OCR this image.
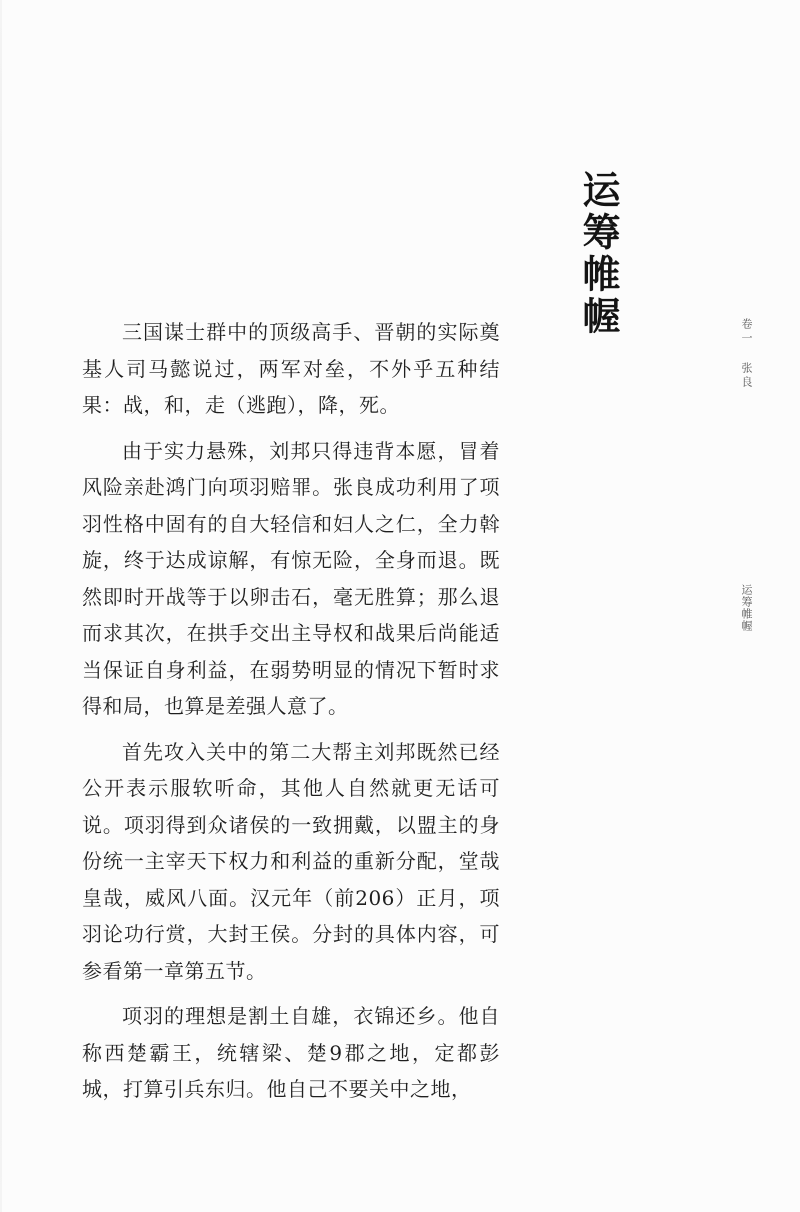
运筹帷幄

三国谋士群中的顶级高手、晋朝的实际奠基人司马懿说过，两军对垒，不外乎五种结果：战，和，走（逃跑），降，死。

由于实力悬殊，刘邦只得违背本愿，冒着风险亲赴鸿门向项羽赔罪。张良成功利用了项羽性格中固有的自大轻信和妇人之仁，全力斡旋，终于达成谅解，有惊无险，全身而退。既然即时开战等于以卵击石，毫无胜算；那么退而求其次，在拱手交出主导权和战果后尚能适当保证自身利益，在弱势明显的情况下暂时求得和局，也算是差强人意了。

首先攻入关中的第二大帮主刘邦既然已经公开表示服软听命，其他人自然就更无话可说。项羽得到众诸侯的一致拥戴，以盟主的身份统一主宰天下权力和利益的重新分配，堂哉皇哉，威风八面。汉元年（前206）正月，项羽论功行赏，大封王侯。分封的具体内容，可参看第一章第五节。

项羽的理想是割土自雄，衣锦还乡。他自称西楚霸王，统辖梁、楚9郡之地，定都彭城，打算引兵东归。他自己不要关中之地，

卷一张良
运筹帷幄
